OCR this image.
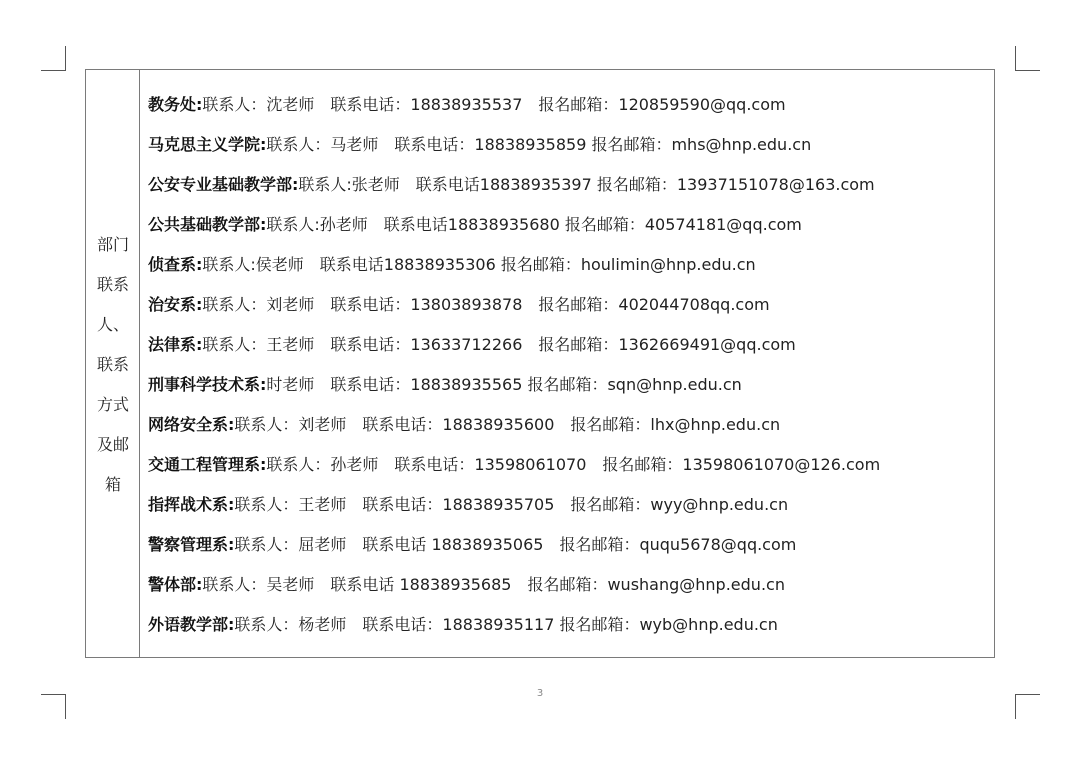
部门
联系
人、
联系
方式
及邮
箱
教务处:联系人：沈老师　联系电话：18838935537　报名邮箱：120859590@qq.com
马克思主义学院:联系人：马老师　联系电话：18838935859 报名邮箱：mhs@hnp.edu.cn
公安专业基础教学部:联系人:张老师　联系电话18838935397 报名邮箱：13937151078@163.com
公共基础教学部:联系人:孙老师　联系电话18838935680 报名邮箱：40574181@qq.com
侦查系:联系人:侯老师　联系电话18838935306 报名邮箱：houlimin@hnp.edu.cn
治安系:联系人：刘老师　联系电话：13803893878　报名邮箱：402044708qq.com
法律系:联系人：王老师　联系电话：13633712266　报名邮箱：1362669491@qq.com
刑事科学技术系:时老师　联系电话：18838935565 报名邮箱：sqn@hnp.edu.cn
网络安全系:联系人：刘老师　联系电话：18838935600　报名邮箱：lhx@hnp.edu.cn
交通工程管理系:联系人：孙老师　联系电话：13598061070　报名邮箱：13598061070@126.com
指挥战术系:联系人：王老师　联系电话：18838935705　报名邮箱：wyy@hnp.edu.cn
警察管理系:联系人：屈老师　联系电话 18838935065　报名邮箱：ququ5678@qq.com
警体部:联系人：吴老师　联系电话 18838935685　报名邮箱：wushang@hnp.edu.cn
外语教学部:联系人：杨老师　联系电话：18838935117 报名邮箱：wyb@hnp.edu.cn
3
